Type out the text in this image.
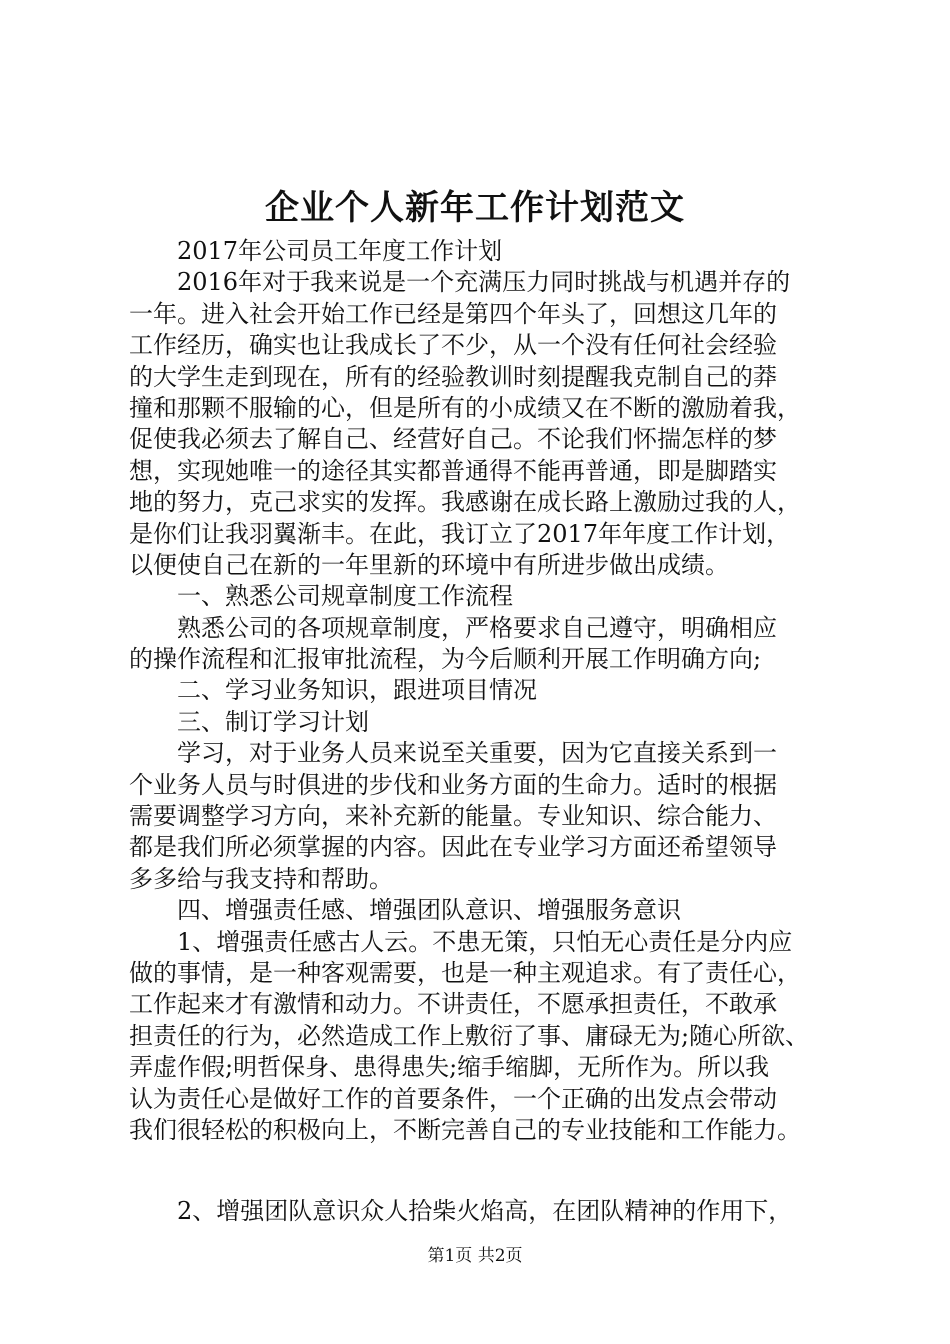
企业个人新年工作计划范文
2017年公司员工年度工作计划
2016年对于我来说是一个充满压力同时挑战与机遇并存的
一年。进入社会开始工作已经是第四个年头了，回想这几年的
工作经历，确实也让我成长了不少，从一个没有任何社会经验
的大学生走到现在，所有的经验教训时刻提醒我克制自己的莽
撞和那颗不服输的心，但是所有的小成绩又在不断的激励着我，
促使我必须去了解自己、经营好自己。不论我们怀揣怎样的梦
想，实现她唯一的途径其实都普通得不能再普通，即是脚踏实
地的努力，克己求实的发挥。我感谢在成长路上激励过我的人，
是你们让我羽翼渐丰。在此，我订立了2017年年度工作计划，
以便使自己在新的一年里新的环境中有所进步做出成绩。
一、熟悉公司规章制度工作流程
熟悉公司的各项规章制度，严格要求自己遵守，明确相应
的操作流程和汇报审批流程，为今后顺利开展工作明确方向;
二、学习业务知识，跟进项目情况
三、制订学习计划
学习，对于业务人员来说至关重要，因为它直接关系到一
个业务人员与时俱进的步伐和业务方面的生命力。适时的根据
需要调整学习方向，来补充新的能量。专业知识、综合能力、
都是我们所必须掌握的内容。因此在专业学习方面还希望领导
多多给与我支持和帮助。
四、增强责任感、增强团队意识、增强服务意识
1、增强责任感古人云。不患无策，只怕无心责任是分内应
做的事情，是一种客观需要，也是一种主观追求。有了责任心，
工作起来才有激情和动力。不讲责任，不愿承担责任，不敢承
担责任的行为，必然造成工作上敷衍了事、庸碌无为;随心所欲、
弄虚作假;明哲保身、患得患失;缩手缩脚，无所作为。所以我
认为责任心是做好工作的首要条件，一个正确的出发点会带动
我们很轻松的积极向上，不断完善自己的专业技能和工作能力。
2、增强团队意识众人拾柴火焰高，在团队精神的作用下，
第1页 共2页
